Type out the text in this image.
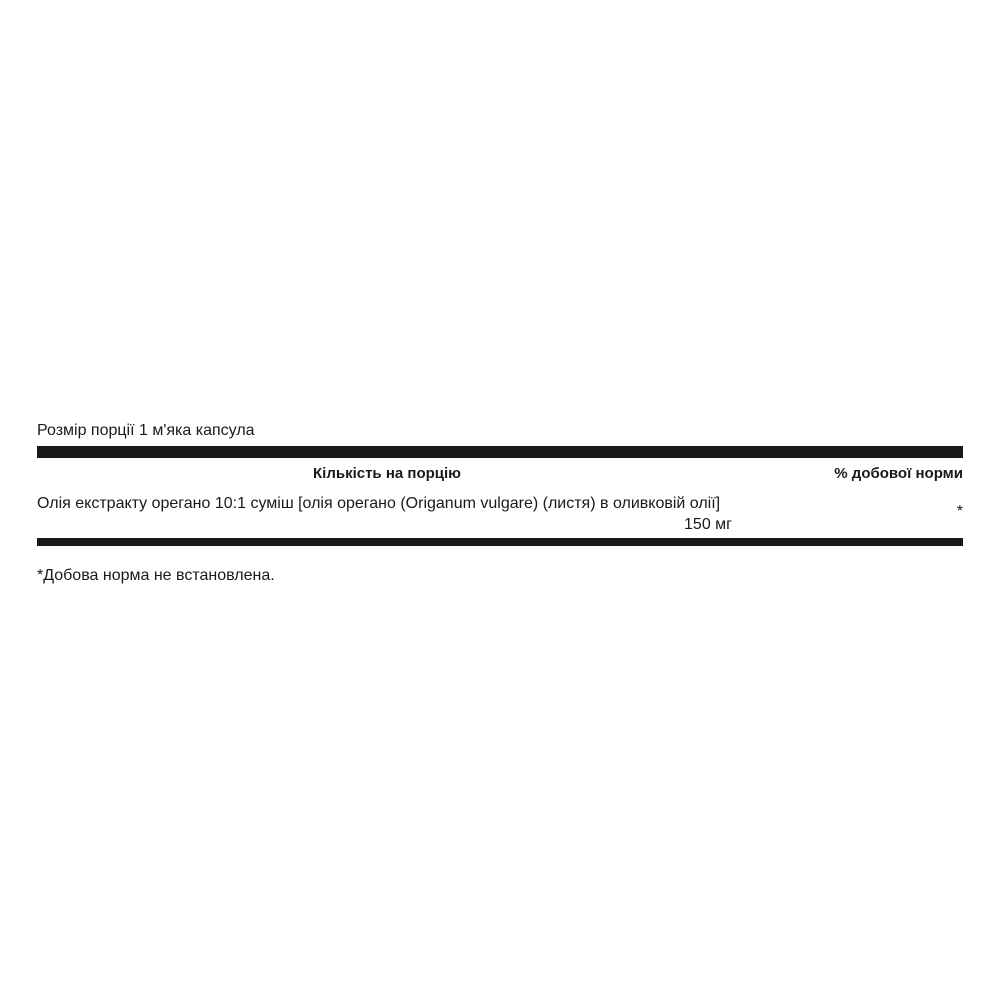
Розмір порції 1 м'яка капсула
Кількість на порцію	% добової норми
Олія екстракту орегано 10:1 суміш [олія орегано (Origanum vulgare) (листя) в оливковій олії]
150 мг
*
*Добова норма не встановлена.
